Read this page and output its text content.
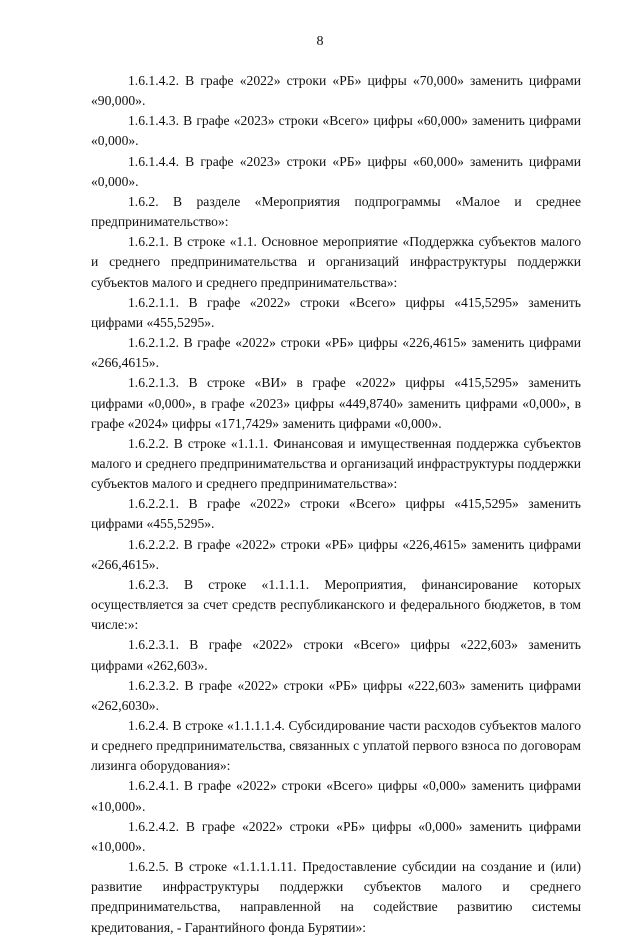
8

1.6.1.4.2. В графе «2022» строки «РБ» цифры «70,000» заменить цифрами «90,000».

1.6.1.4.3. В графе «2023» строки «Всего» цифры «60,000» заменить цифрами «0,000».

1.6.1.4.4. В графе «2023» строки «РБ» цифры «60,000» заменить цифрами «0,000».

1.6.2. В разделе «Мероприятия подпрограммы «Малое и среднее предпринимательство»:

1.6.2.1. В строке «1.1. Основное мероприятие «Поддержка субъектов малого и среднего предпринимательства и организаций инфраструктуры поддержки субъектов малого и среднего предпринимательства»:

1.6.2.1.1. В графе «2022» строки «Всего» цифры «415,5295» заменить цифрами «455,5295».

1.6.2.1.2. В графе «2022» строки «РБ» цифры «226,4615» заменить цифрами «266,4615».

1.6.2.1.3. В строке «ВИ» в графе «2022» цифры «415,5295» заменить цифрами «0,000», в графе «2023» цифры «449,8740» заменить цифрами «0,000», в графе «2024» цифры «171,7429» заменить цифрами «0,000».

1.6.2.2. В строке «1.1.1. Финансовая и имущественная поддержка субъектов малого и среднего предпринимательства и организаций инфраструктуры поддержки субъектов малого и среднего предпринимательства»:

1.6.2.2.1. В графе «2022» строки «Всего» цифры «415,5295» заменить цифрами «455,5295».

1.6.2.2.2. В графе «2022» строки «РБ» цифры «226,4615» заменить цифрами «266,4615».

1.6.2.3. В строке «1.1.1.1. Мероприятия, финансирование которых осуществляется за счет средств республиканского и федерального бюджетов, в том числе:»:

1.6.2.3.1. В графе «2022» строки «Всего» цифры «222,603» заменить цифрами «262,603».

1.6.2.3.2. В графе «2022» строки «РБ» цифры «222,603» заменить цифрами «262,6030».

1.6.2.4. В строке «1.1.1.1.4. Субсидирование части расходов субъектов малого и среднего предпринимательства, связанных с уплатой первого взноса по договорам лизинга оборудования»:

1.6.2.4.1. В графе «2022» строки «Всего» цифры «0,000» заменить цифрами «10,000».

1.6.2.4.2. В графе «2022» строки «РБ» цифры «0,000» заменить цифрами «10,000».

1.6.2.5. В строке «1.1.1.1.11. Предоставление субсидии на создание и (или) развитие инфраструктуры поддержки субъектов малого и среднего предпринимательства, направленной на содействие развитию системы кредитования, - Гарантийного фонда Бурятии»:
